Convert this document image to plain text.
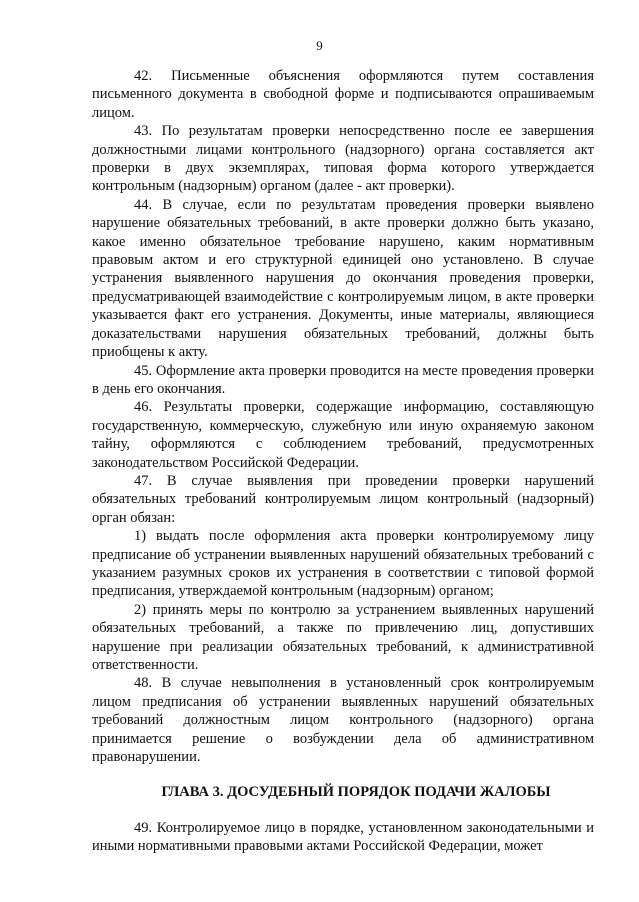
9

42. Письменные объяснения оформляются путем составления письменного документа в свободной форме и подписываются опрашиваемым лицом.

43. По результатам проверки непосредственно после ее завершения должностными лицами контрольного (надзорного) органа составляется акт проверки в двух экземплярах, типовая форма которого утверждается контрольным (надзорным) органом (далее - акт проверки).

44. В случае, если по результатам проведения проверки выявлено нарушение обязательных требований, в акте проверки должно быть указано, какое именно обязательное требование нарушено, каким нормативным правовым актом и его структурной единицей оно установлено. В случае устранения выявленного нарушения до окончания проведения проверки, предусматривающей взаимодействие с контролируемым лицом, в акте проверки указывается факт его устранения. Документы, иные материалы, являющиеся доказательствами нарушения обязательных требований, должны быть приобщены к акту.

45. Оформление акта проверки проводится на месте проведения проверки в день его окончания.

46. Результаты проверки, содержащие информацию, составляющую государственную, коммерческую, служебную или иную охраняемую законом тайну, оформляются с соблюдением требований, предусмотренных законодательством Российской Федерации.

47. В случае выявления при проведении проверки нарушений обязательных требований контролируемым лицом контрольный (надзорный) орган обязан:

1) выдать после оформления акта проверки контролируемому лицу предписание об устранении выявленных нарушений обязательных требований с указанием разумных сроков их устранения в соответствии с типовой формой предписания, утверждаемой контрольным (надзорным) органом;

2) принять меры по контролю за устранением выявленных нарушений обязательных требований, а также по привлечению лиц, допустивших нарушение при реализации обязательных требований, к административной ответственности.

48. В случае невыполнения в установленный срок контролируемым лицом предписания об устранении выявленных нарушений обязательных требований должностным лицом контрольного (надзорного) органа принимается решение о возбуждении дела об административном правонарушении.

ГЛАВА 3. ДОСУДЕБНЫЙ ПОРЯДОК ПОДАЧИ ЖАЛОБЫ

49. Контролируемое лицо в порядке, установленном законодательными и иными нормативными правовыми актами Российской Федерации, может
